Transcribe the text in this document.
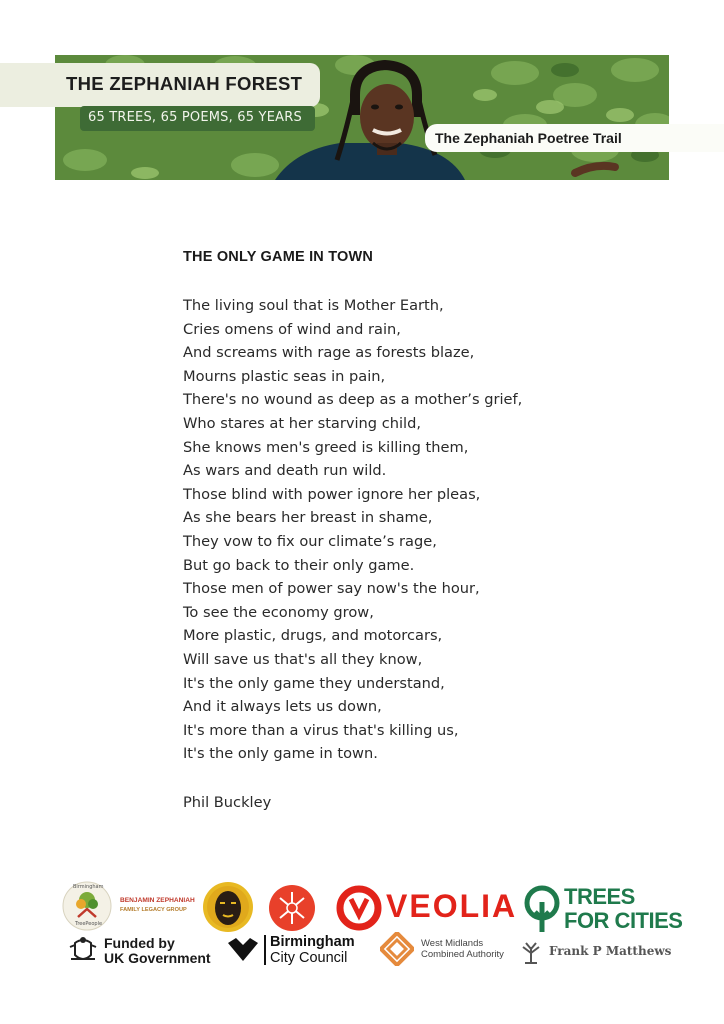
THE ZEPHANIAH FOREST
65 TREES, 65 POEMS, 65 YEARS
The Zephaniah Poetree Trail
THE ONLY GAME IN TOWN
The living soul that is Mother Earth,
Cries omens of wind and rain,
And screams with rage as forests blaze,
Mourns plastic seas in pain,
There's no wound as deep as a mother’s grief,
Who stares at her starving child,
She knows men's greed is killing them,
As wars and death run wild.
Those blind with power ignore her pleas,
As she bears her breast in shame,
They vow to fix our climate’s rage,
But go back to their only game.
Those men of power say now's the hour,
To see the economy grow,
More plastic, drugs, and motorcars,
Will save us that's all they know,
It's the only game they understand,
And it always lets us down,
It's more than a virus that's killing us,
It's the only game in town.

Phil Buckley

Birmingham
TreePeople
BENJAMIN ZEPHANIAH
FAMILY LEGACY GROUP	VEOLIA TREES
FOR CITIES
Funded by
UK Government
Birmingham
City Council
West Midlands
Combined Authority	Frank P Matthews
